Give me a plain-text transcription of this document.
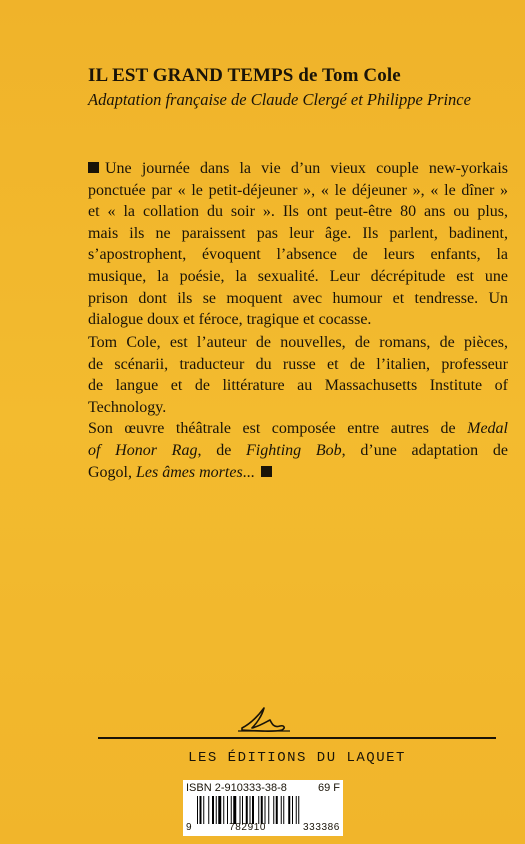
IL EST GRAND TEMPS de Tom Cole
Adaptation française de Claude Clergé et Philippe Prince
Une journée dans la vie d’un vieux couple new-yorkais
ponctuée par « le petit-déjeuner », « le déjeuner », « le dîner »
et « la collation du soir ». Ils ont peut-être 80 ans ou plus,
mais ils ne paraissent pas leur âge. Ils parlent, badinent,
s’apostrophent, évoquent l’absence de leurs enfants, la
musique, la poésie, la sexualité. Leur décrépitude est une
prison dont ils se moquent avec humour et tendresse. Un
dialogue doux et féroce, tragique et cocasse.
Tom Cole, est l’auteur de nouvelles, de romans, de pièces,
de scénarii, traducteur du russe et de l’italien, professeur
de langue et de littérature au Massachusetts Institute of
Technology.
Son œuvre théâtrale est composée entre autres de Medal
of Honor Rag, de Fighting Bob, d’une adaptation de
Gogol, Les âmes mortes...
LES ÉDITIONS DU LAQUET
ISBN 2-910333-38-8	69 F
9	782910	333386
